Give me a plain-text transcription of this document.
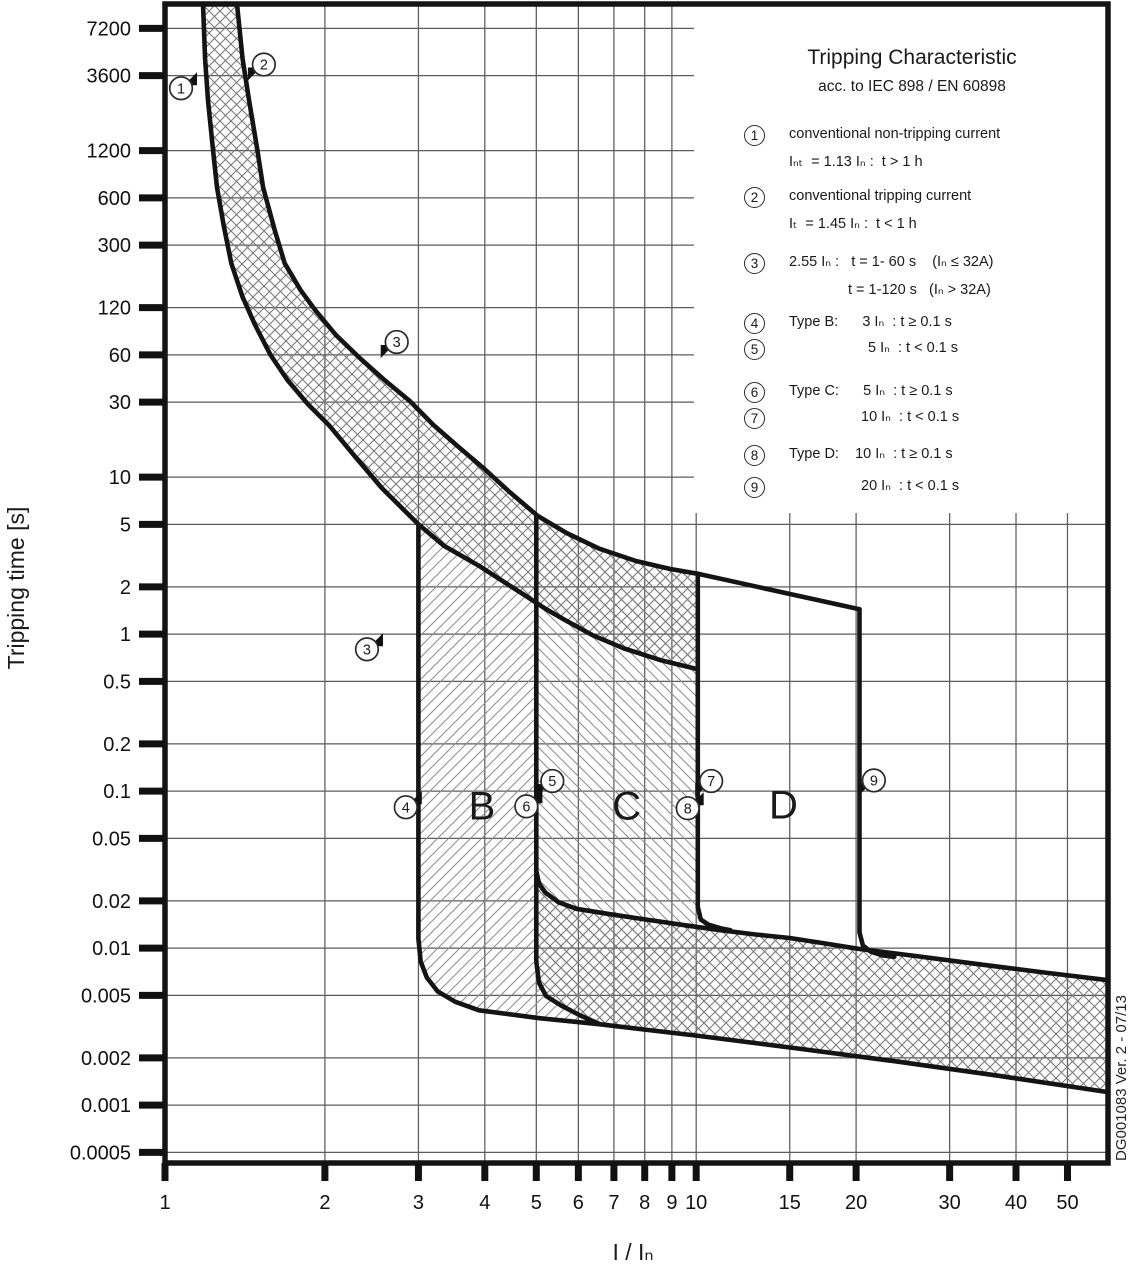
7200
3600
1200
600
300
120
60
30
10
5
2
1
0.5
0.2
0.1
0.05
0.02
0.01
0.005
0.002
0.001
0.0005
1	2	3	4 5 6 7 8 9 10	15 20	30 40 50
1
2
3
3
4
5
6
7
8
9
B	C	D
Tripping time [s]
I / Iₙ
DG001083 Ver. 2 - 07/13
Tripping Characteristic
acc. to IEC 898 / EN 60898
1	conventional non-tripping current
Iₙₜ  = 1.13 Iₙ :  t > 1 h
2	conventional tripping current
Iₜ  = 1.45 Iₙ :  t < 1 h
3	2.55 Iₙ :   t = 1- 60 s    (Iₙ ≤ 32A)
t = 1-120 s   (Iₙ > 32A)
4	Type B:      3 Iₙ  : t ≥ 0.1 s
5	5 Iₙ  : t < 0.1 s
6	Type C:      5 Iₙ  : t ≥ 0.1 s
7	10 Iₙ  : t < 0.1 s
8	Type D:    10 Iₙ  : t ≥ 0.1 s
9	20 Iₙ  : t < 0.1 s
